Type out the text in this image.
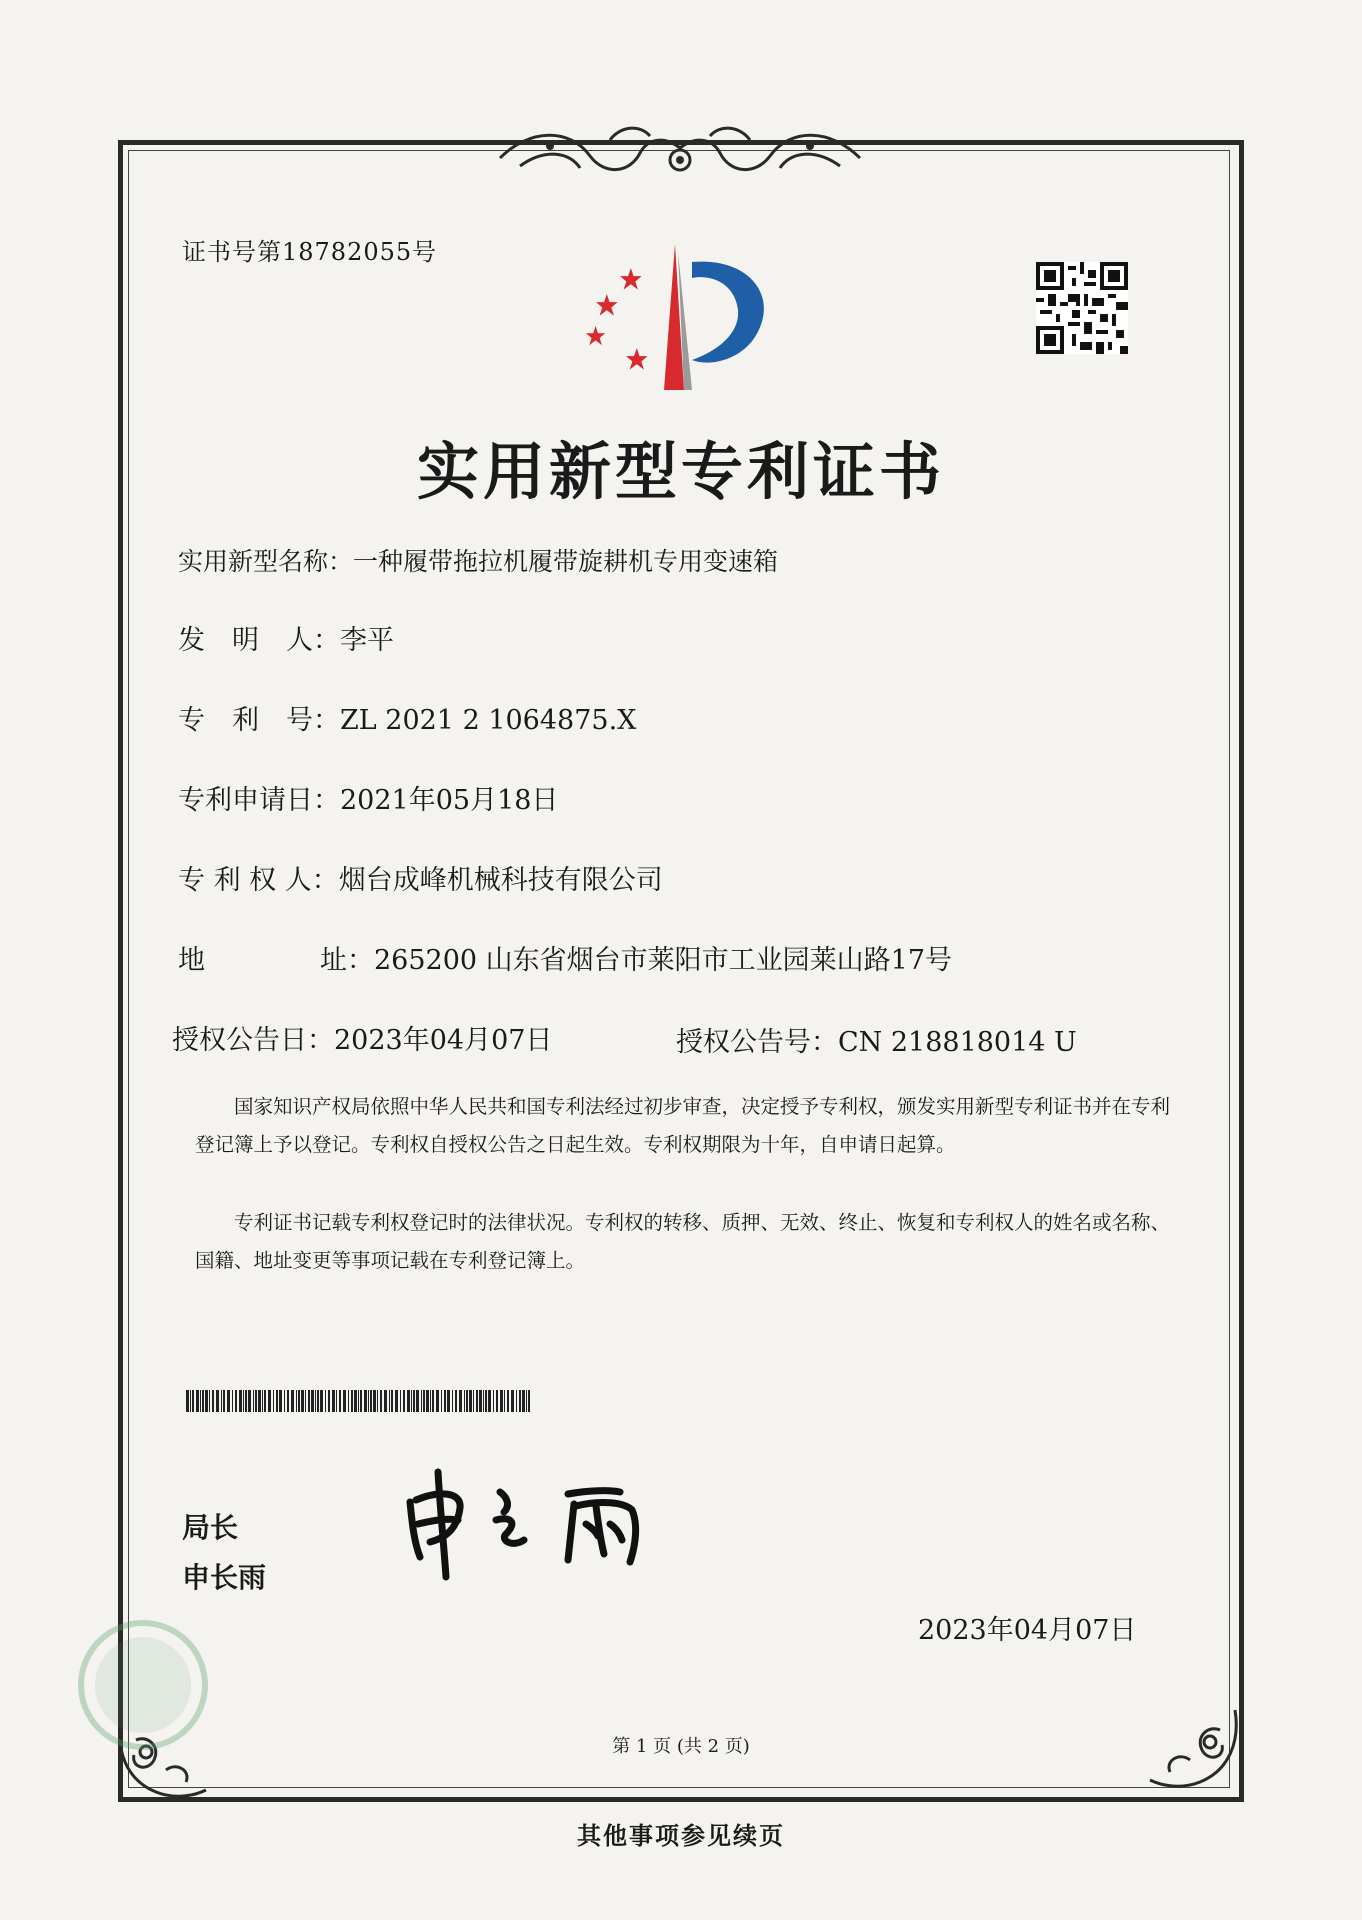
证书号第18782055号
实用新型专利证书
实用新型名称：一种履带拖拉机履带旋耕机专用变速箱
发　明　人：李平
专　利　号：ZL 2021 2 1064875.X
专利申请日：2021年05月18日
专 利 权 人：烟台成峰机械科技有限公司
地	址：265200 山东省烟台市莱阳市工业园莱山路17号
授权公告日：2023年04月07日	授权公告号：CN 218818014 U
国家知识产权局依照中华人民共和国专利法经过初步审查，决定授予专利权，颁发实用新型专利证书并在专利登记簿上予以登记。专利权自授权公告之日起生效。专利权期限为十年，自申请日起算。
专利证书记载专利权登记时的法律状况。专利权的转移、质押、无效、终止、恢复和专利权人的姓名或名称、国籍、地址变更等事项记载在专利登记簿上。
局长
申长雨
2023年04月07日
第 1 页 (共 2 页)
其他事项参见续页
